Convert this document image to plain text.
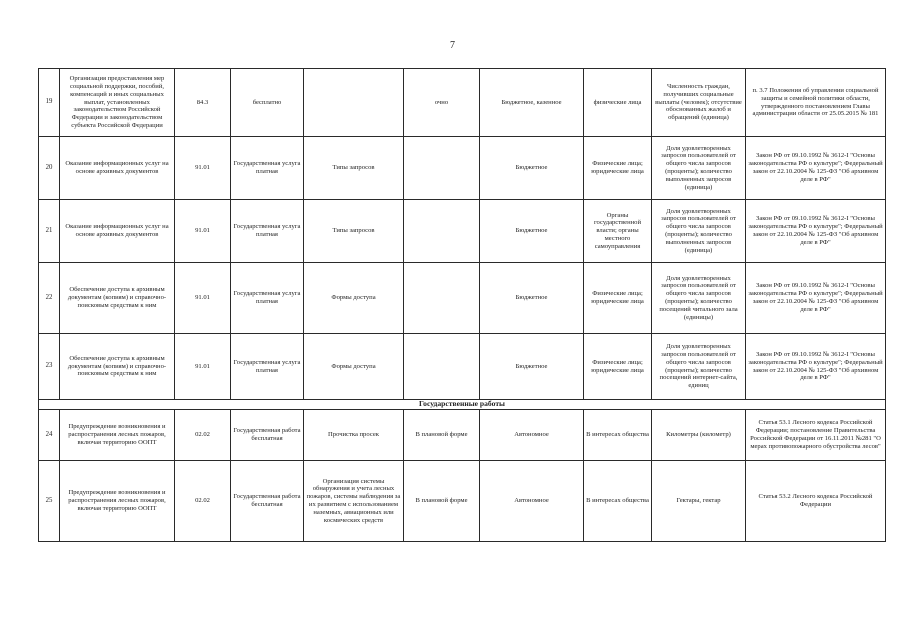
7
19	Организация предоставления мер социальной поддержки, пособий, компенсаций и иных социальных выплат, установленных законодательством Российской Федерации и законодательством субъекта Российской Федерации	84.3	бесплатно		очно	Бюджетное, казенное	физические лица	Численность граждан, получивших социальные выплаты (человек); отсутствие обоснованных жалоб и обращений (единица)	п. 3.7 Положения об управлении социальной защиты и семейной политики области, утвержденного постановлением Главы администрации области от 25.05.2015 № 181
20	Оказание информационных услуг на основе архивных документов	91.01	Государственная услуга платная	Типы запросов		Бюджетное	Физические лица; юридические лица	Доля удовлетворенных запросов пользователей от общего числа запросов (проценты); количество выполненных запросов (единица)	Закон РФ от 09.10.1992 № 3612-I "Основы законодательства РФ о культуре"; Федеральный закон от 22.10.2004 № 125-ФЗ "Об архивном деле в РФ"
21	Оказание информационных услуг на основе архивных документов	91.01	Государственная услуга платная	Типы запросов		Бюджетное	Органы государственной власти; органы местного самоуправления	Доля удовлетворенных запросов пользователей от общего числа запросов (проценты); количество выполненных запросов (единица)	Закон РФ от 09.10.1992 № 3612-I "Основы законодательства РФ о культуре"; Федеральный закон от 22.10.2004 № 125-ФЗ "Об архивном деле в РФ"
22	Обеспечение доступа к архивным документам (копиям) и справочно-поисковым средствам к ним	91.01	Государственная услуга платная	Формы доступа		Бюджетное	Физические лица; юридические лица	Доля удовлетворенных запросов пользователей от общего числа запросов (проценты); количество посещений читального зала (единицы)	Закон РФ от 09.10.1992 № 3612-I "Основы законодательства РФ о культуре"; Федеральный закон от 22.10.2004 № 125-ФЗ "Об архивном деле в РФ"
23	Обеспечение доступа к архивным документам (копиям) и справочно-поисковым средствам к ним	91.01	Государственная услуга платная	Формы доступа		Бюджетное	Физические лица; юридические лица	Доля удовлетворенных запросов пользователей от общего числа запросов (проценты); количество посещений интернет-сайта, единиц	Закон РФ от 09.10.1992 № 3612-I "Основы законодательства РФ о культуре"; Федеральный закон от 22.10.2004 № 125-ФЗ "Об архивном деле в РФ"
Государственные работы									
24	Предупреждение возникновения и распространения лесных пожаров, включая территорию ООПТ	02.02	Государственная работа бесплатная	Прочистка просек	В плановой форме	Автономное	В интересах общества	Километры (километр)	Статья 53.1 Лесного кодекса Российской Федерации; постановление Правительства Российской Федерации от 16.11.2011 №281 "О мерах противопожарного обустройства лесов"
25	Предупреждение возникновения и распространения лесных пожаров, включая территорию ООПТ	02.02	Государственная работа бесплатная	Организация системы обнаружения и учета лесных пожаров, системы наблюдения за их развитием с использованием наземных, авиационных или космических средств	В плановой форме	Автономное	В интересах общества	Гектары, гектар	Статья 53.2 Лесного кодекса Российской Федерации
